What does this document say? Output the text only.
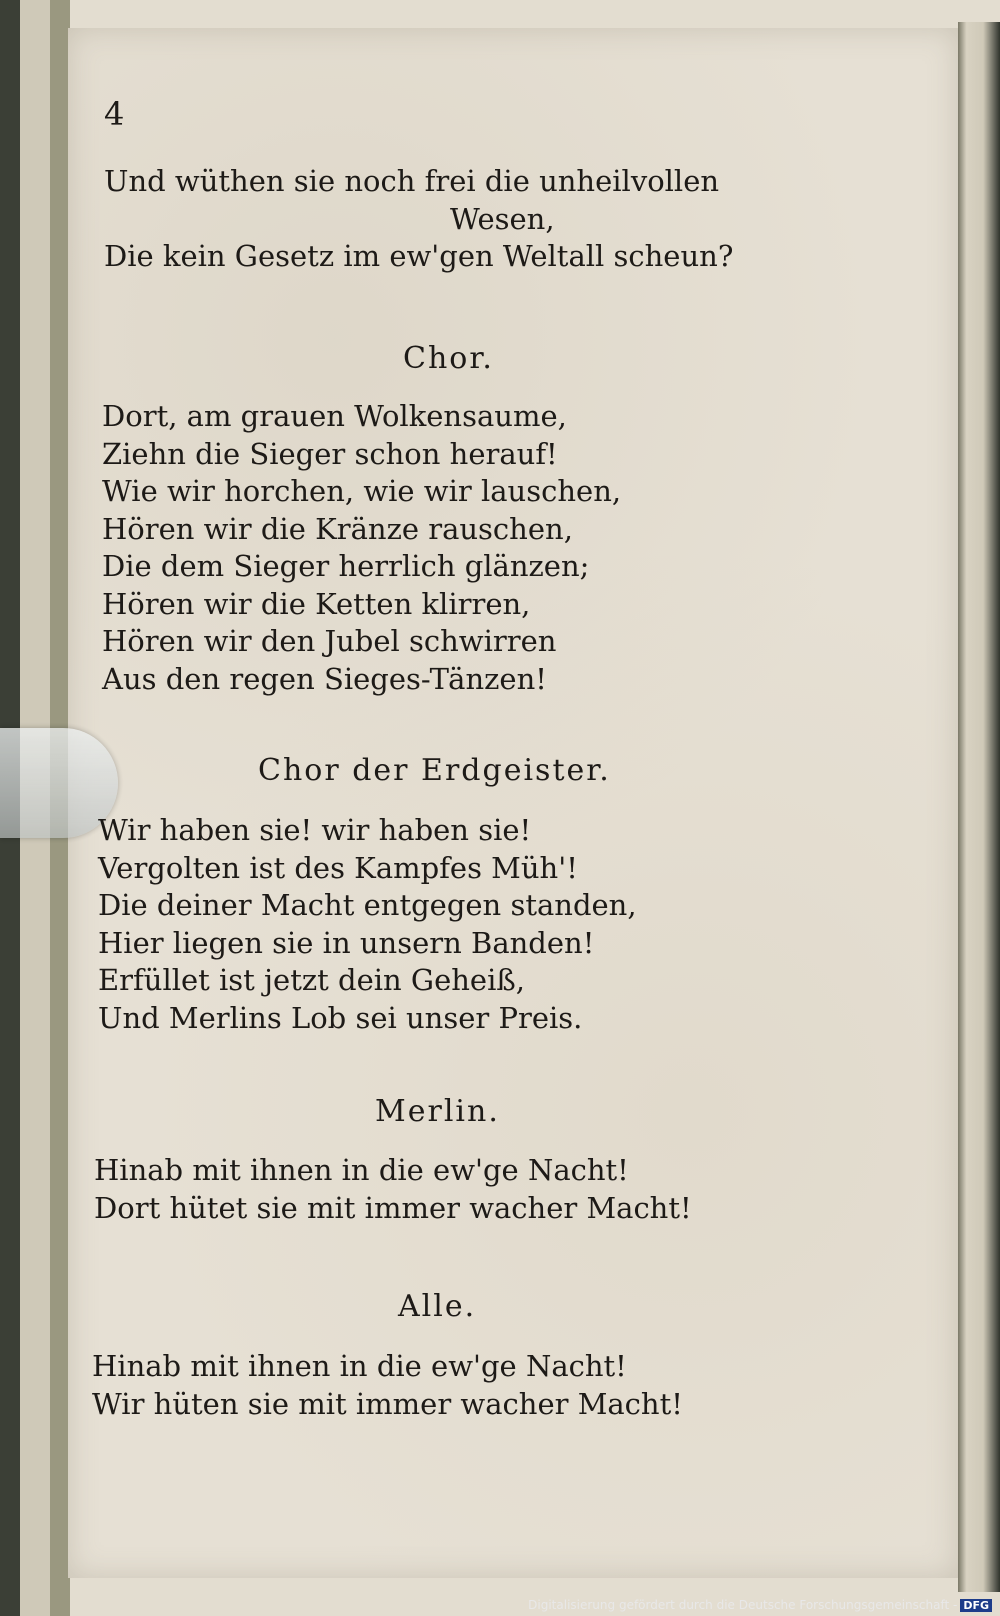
4
Und wüthen sie noch frei die unheilvollen
Wesen,
Die kein Gesetz im ew'gen Weltall scheun?
Chor.
Dort, am grauen Wolkensaume,
Ziehn die Sieger schon herauf!
Wie wir horchen, wie wir lauschen,
Hören wir die Kränze rauschen,
Die dem Sieger herrlich glänzen;
Hören wir die Ketten klirren,
Hören wir den Jubel schwirren
Aus den regen Sieges-Tänzen!
Chor der Erdgeister.
Wir haben sie! wir haben sie!
Vergolten ist des Kampfes Müh'!
Die deiner Macht entgegen standen,
Hier liegen sie in unsern Banden!
Erfüllet ist jetzt dein Geheiß,
Und Merlins Lob sei unser Preis.
Merlin.
Hinab mit ihnen in die ew'ge Nacht!
Dort hütet sie mit immer wacher Macht!
Alle.
Hinab mit ihnen in die ew'ge Nacht!
Wir hüten sie mit immer wacher Macht!
Digitalisierung gefördert durch die Deutsche Forschungsgemeinschaft - DFG
